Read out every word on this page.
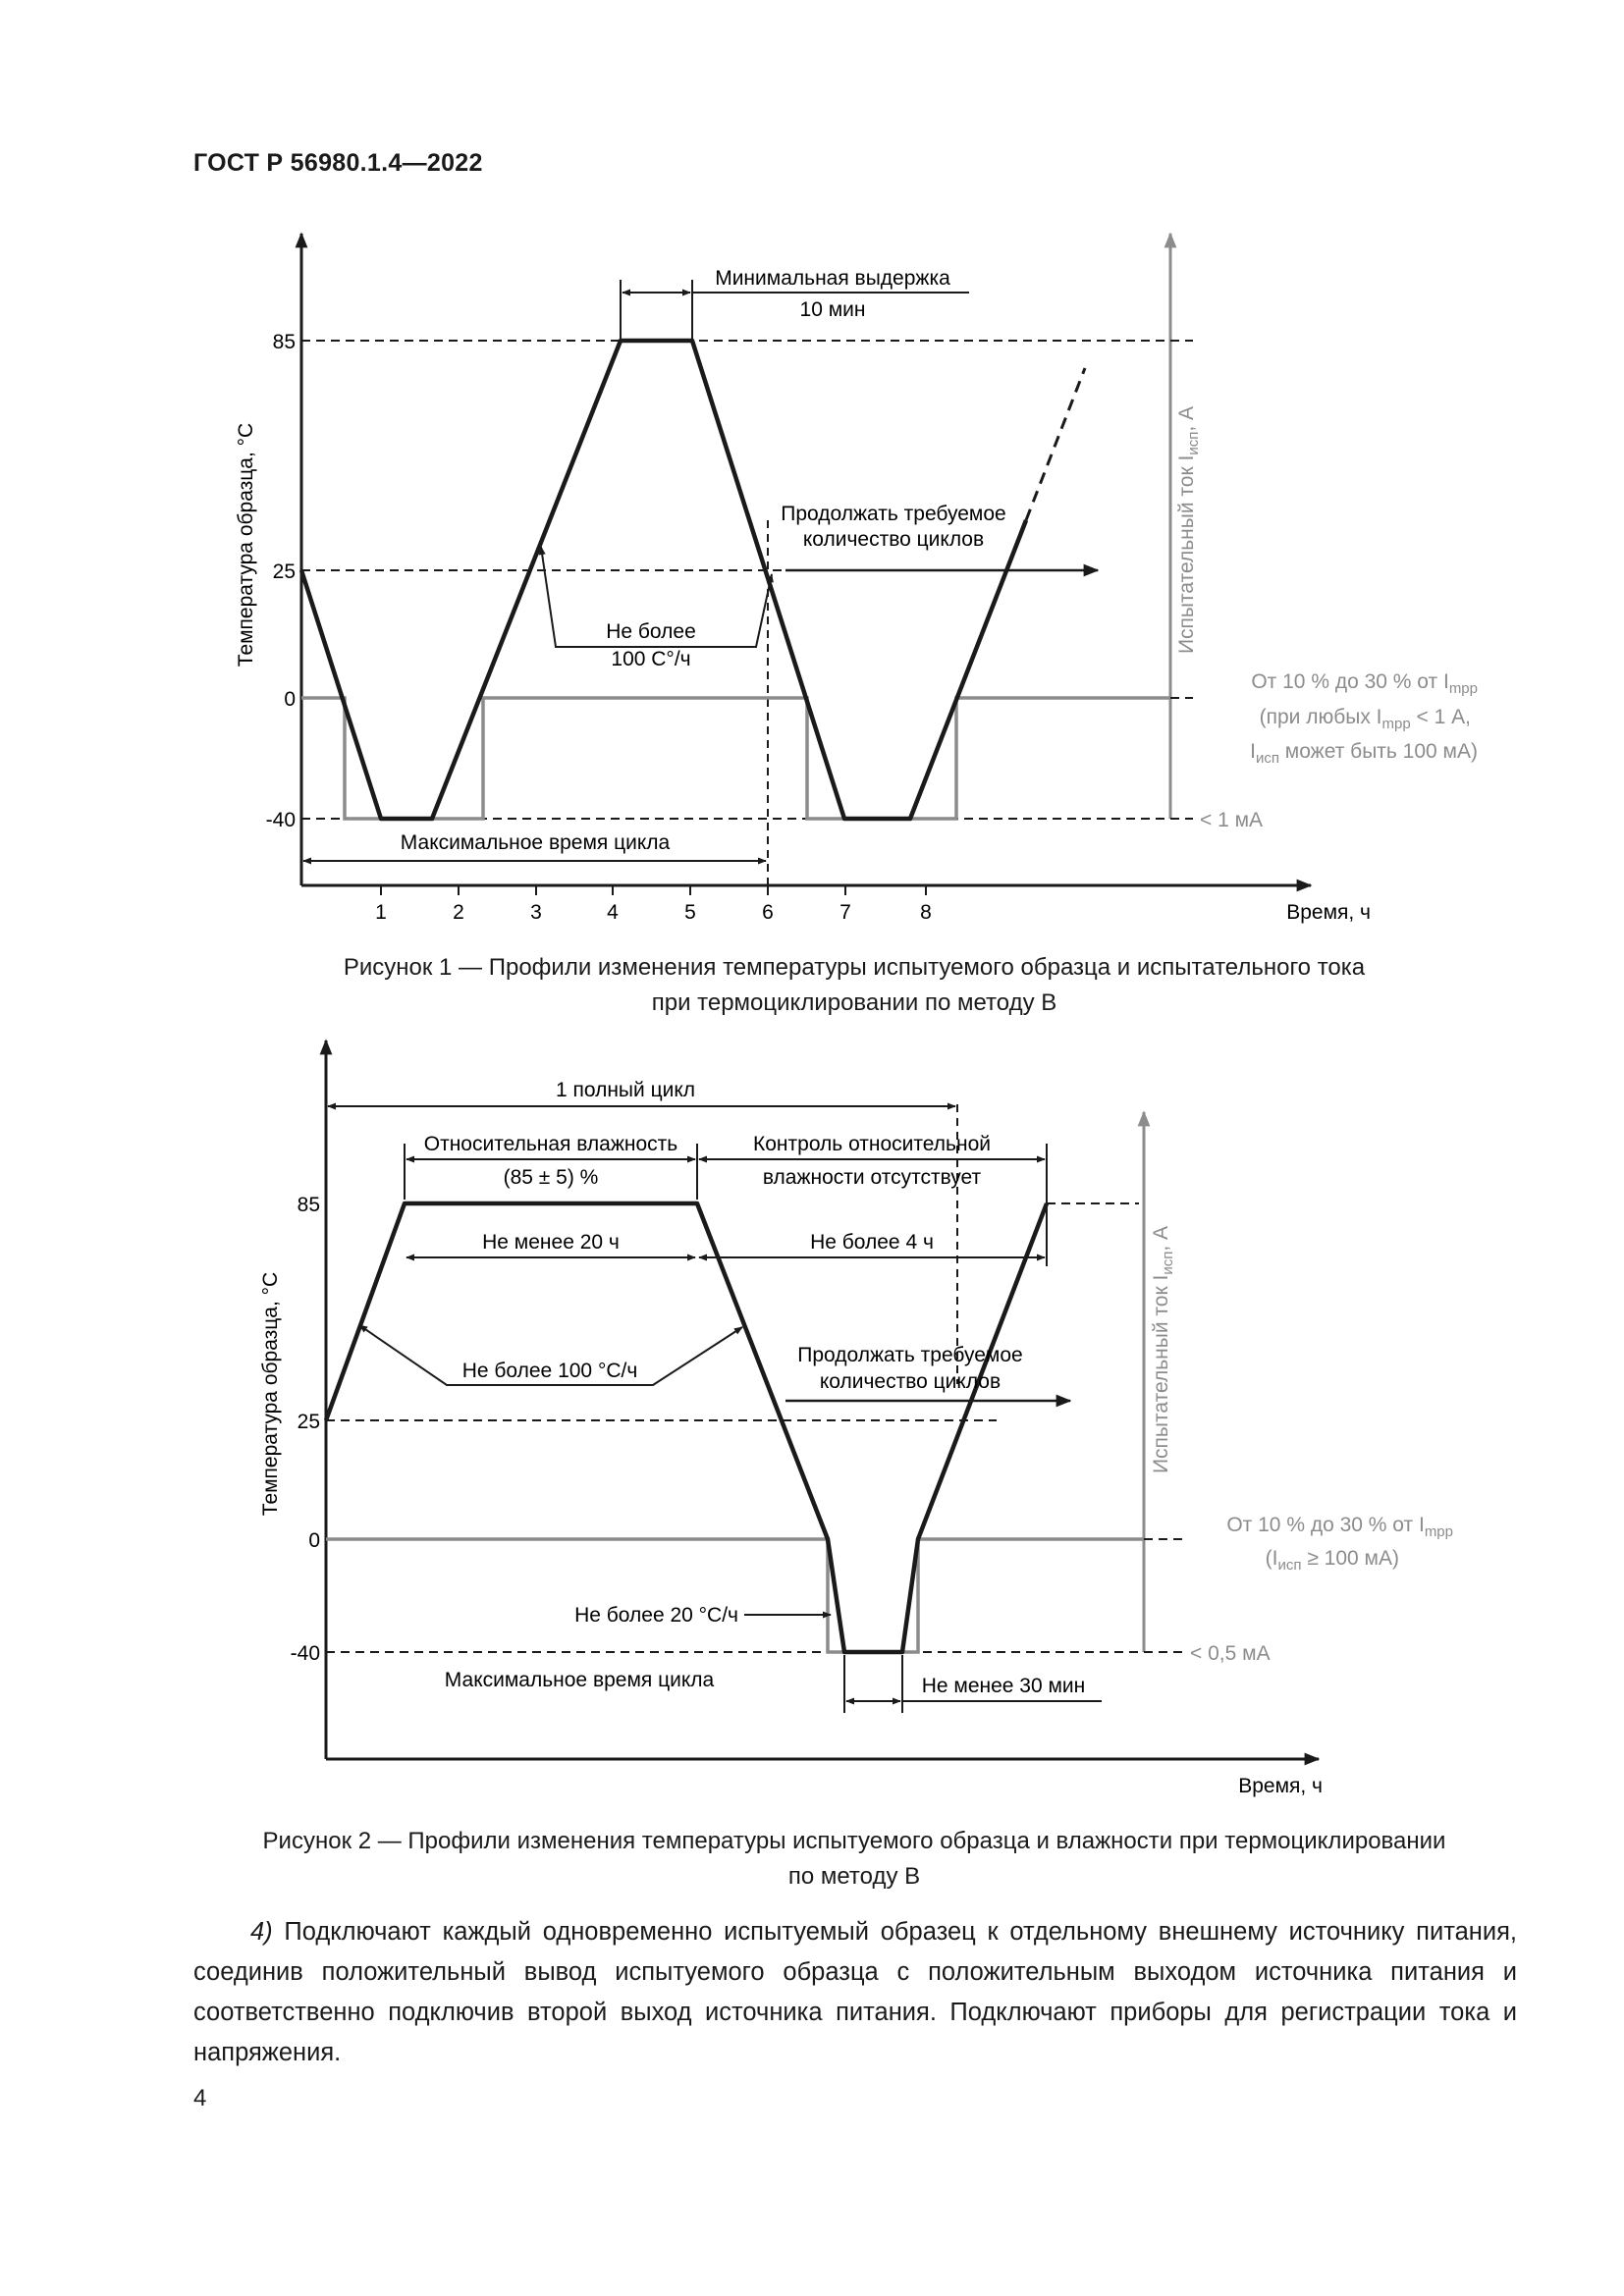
ГОСТ Р 56980.1.4—2022
85
25
0
-40
1	2	3	4	5	6	7	8	Время, ч
Температура образца, °С	Испытательный ток $I_{исп}$, А
Минимальная выдержка
10 мин
Продолжать требуемое
количество циклов
Не более
100 С°/ч
Максимальное время цикла
От 10 % до 30 % от $I_{mpp}$
(при любых $I_{mpp} < 1$ А,
$I_{исп}$ может быть 100 мА)
< 1 мА
85
25
0
-40
Время, ч
Температура образца, °С	Испытательный ток $I_{исп}$, А
1 полный цикл
Относительная влажность
(85 ± 5) %
Контроль относительной
влажности отсутствует
Не менее 20 ч	Не более 4 ч
Не более 100 °С/ч
Продолжать требуемое
количество циклов
Не более 20 °С/ч
Максимальное время цикла	Не менее 30 мин
От 10 % до 30 % от $I_{mpp}$
($I_{исп} \ge 100$ мА)
< 0,5 мА
Рисунок 1 — Профили изменения температуры испытуемого образца и испытательного тока
при термоциклировании по методу В
Рисунок 2 — Профили изменения температуры испытуемого образца и влажности при термоциклировании
по методу В
4) Подключают каждый одновременно испытуемый образец к отдельному внешнему источнику питания, соединив положительный вывод испытуемого образца с положительным выходом источника питания и соответственно подключив второй выход источника питания. Подключают приборы для регистрации тока и напряжения.
4
